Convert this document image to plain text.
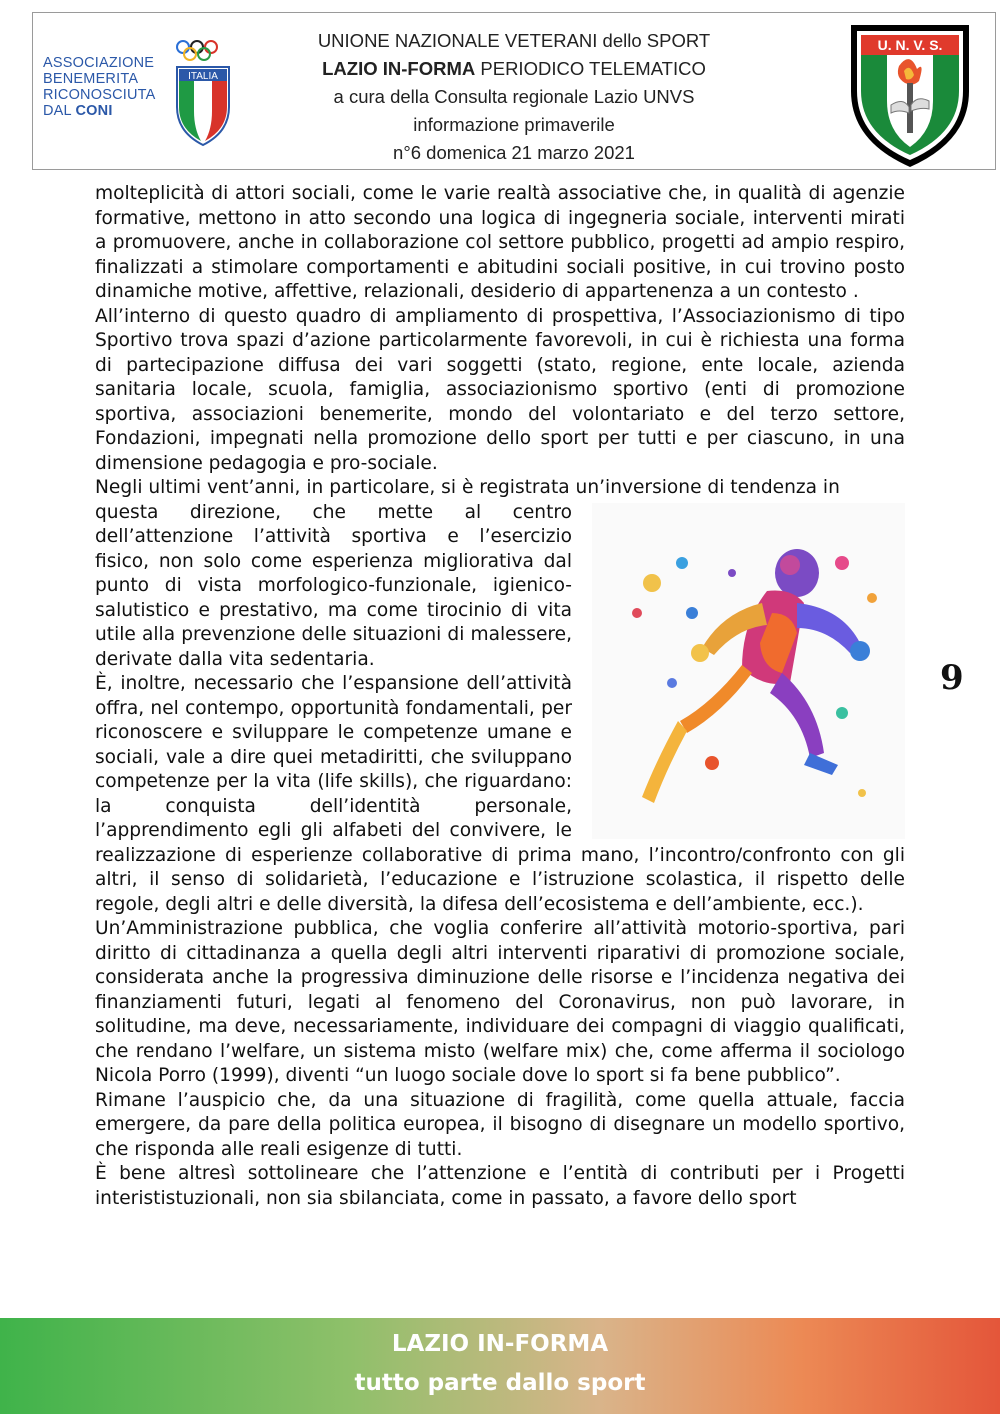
ASSOCIAZIONE
BENEMERITA
RICONOSCIUTA
DAL CONI
ITALIA
UNIONE NAZIONALE VETERANI dello SPORT
LAZIO IN-FORMA PERIODICO TELEMATICO
a cura della Consulta regionale Lazio UNVS
informazione primaverile
n°6 domenica 21 marzo 2021
U. N. V. S.

molteplicità di attori sociali, come le varie realtà associative che, in qualità di agenzie formative, mettono in atto secondo una logica di ingegneria sociale, interventi mirati a promuovere, anche in collaborazione col settore pubblico, progetti ad ampio respiro, finalizzati a stimolare comportamenti e abitudini sociali positive, in cui trovino posto dinamiche motive, affettive, relazionali, desiderio di appartenenza a un contesto .

All’interno di questo quadro di ampliamento di prospettiva, l’Associazionismo di tipo Sportivo trova spazi d’azione particolarmente favorevoli, in cui è richiesta una forma di partecipazione diffusa dei vari soggetti (stato, regione, ente locale, azienda sanitaria locale, scuola, famiglia, associazionismo sportivo (enti di promozione sportiva, associazioni benemerite, mondo del volontariato e del terzo settore, Fondazioni, impegnati nella promozione dello sport per tutti e per ciascuno, in una dimensione pedagogia e pro-sociale.

Negli ultimi vent’anni, in particolare, si è registrata un’inversione di tendenza in

questa direzione, che mette al centro dell’attenzione l’attività sportiva e l’esercizio fisico, non solo come esperienza migliorativa dal punto di vista morfologico-funzionale, igienico-salutistico e prestativo, ma come tirocinio di vita utile alla prevenzione delle situazioni di malessere, derivate dalla vita sedentaria.

È, inoltre, necessario che l’espansione dell’attività offra, nel contempo, opportunità fondamentali, per riconoscere e sviluppare le competenze umane e sociali, vale a dire quei metadiritti, che sviluppano competenze per la vita (life skills), che riguardano: la conquista dell’identità personale, l’apprendimento egli gli alfabeti del convivere, le realizzazione di esperienze collaborative di prima mano, l’incontro/confronto con gli altri, il senso di solidarietà, l’educazione e l’istruzione scolastica, il rispetto delle regole, degli altri e delle diversità, la difesa dell’ecosistema e dell’ambiente, ecc.).

Un’Amministrazione pubblica, che voglia conferire all’attività motorio-sportiva, pari diritto di cittadinanza a quella degli altri interventi riparativi di promozione sociale, considerata anche la progressiva diminuzione delle risorse e l’incidenza negativa dei finanziamenti futuri, legati al fenomeno del Coronavirus, non può lavorare, in solitudine, ma deve, necessariamente, individuare dei compagni di viaggio qualificati, che rendano l’welfare, un sistema misto (welfare mix) che, come afferma il sociologo Nicola Porro (1999), diventi “un luogo sociale dove lo sport si fa bene pubblico”.

Rimane l’auspicio che, da una situazione di fragilità, come quella attuale, faccia emergere, da pare della politica europea, il bisogno di disegnare un modello sportivo, che risponda alle reali esigenze di tutti.

È bene altresì sottolineare che l’attenzione e l’entità di contributi per i Progetti interististuzionali, non sia sbilanciata, come in passato, a favore dello sport

9
LAZIO IN-FORMA
tutto parte dallo sport
